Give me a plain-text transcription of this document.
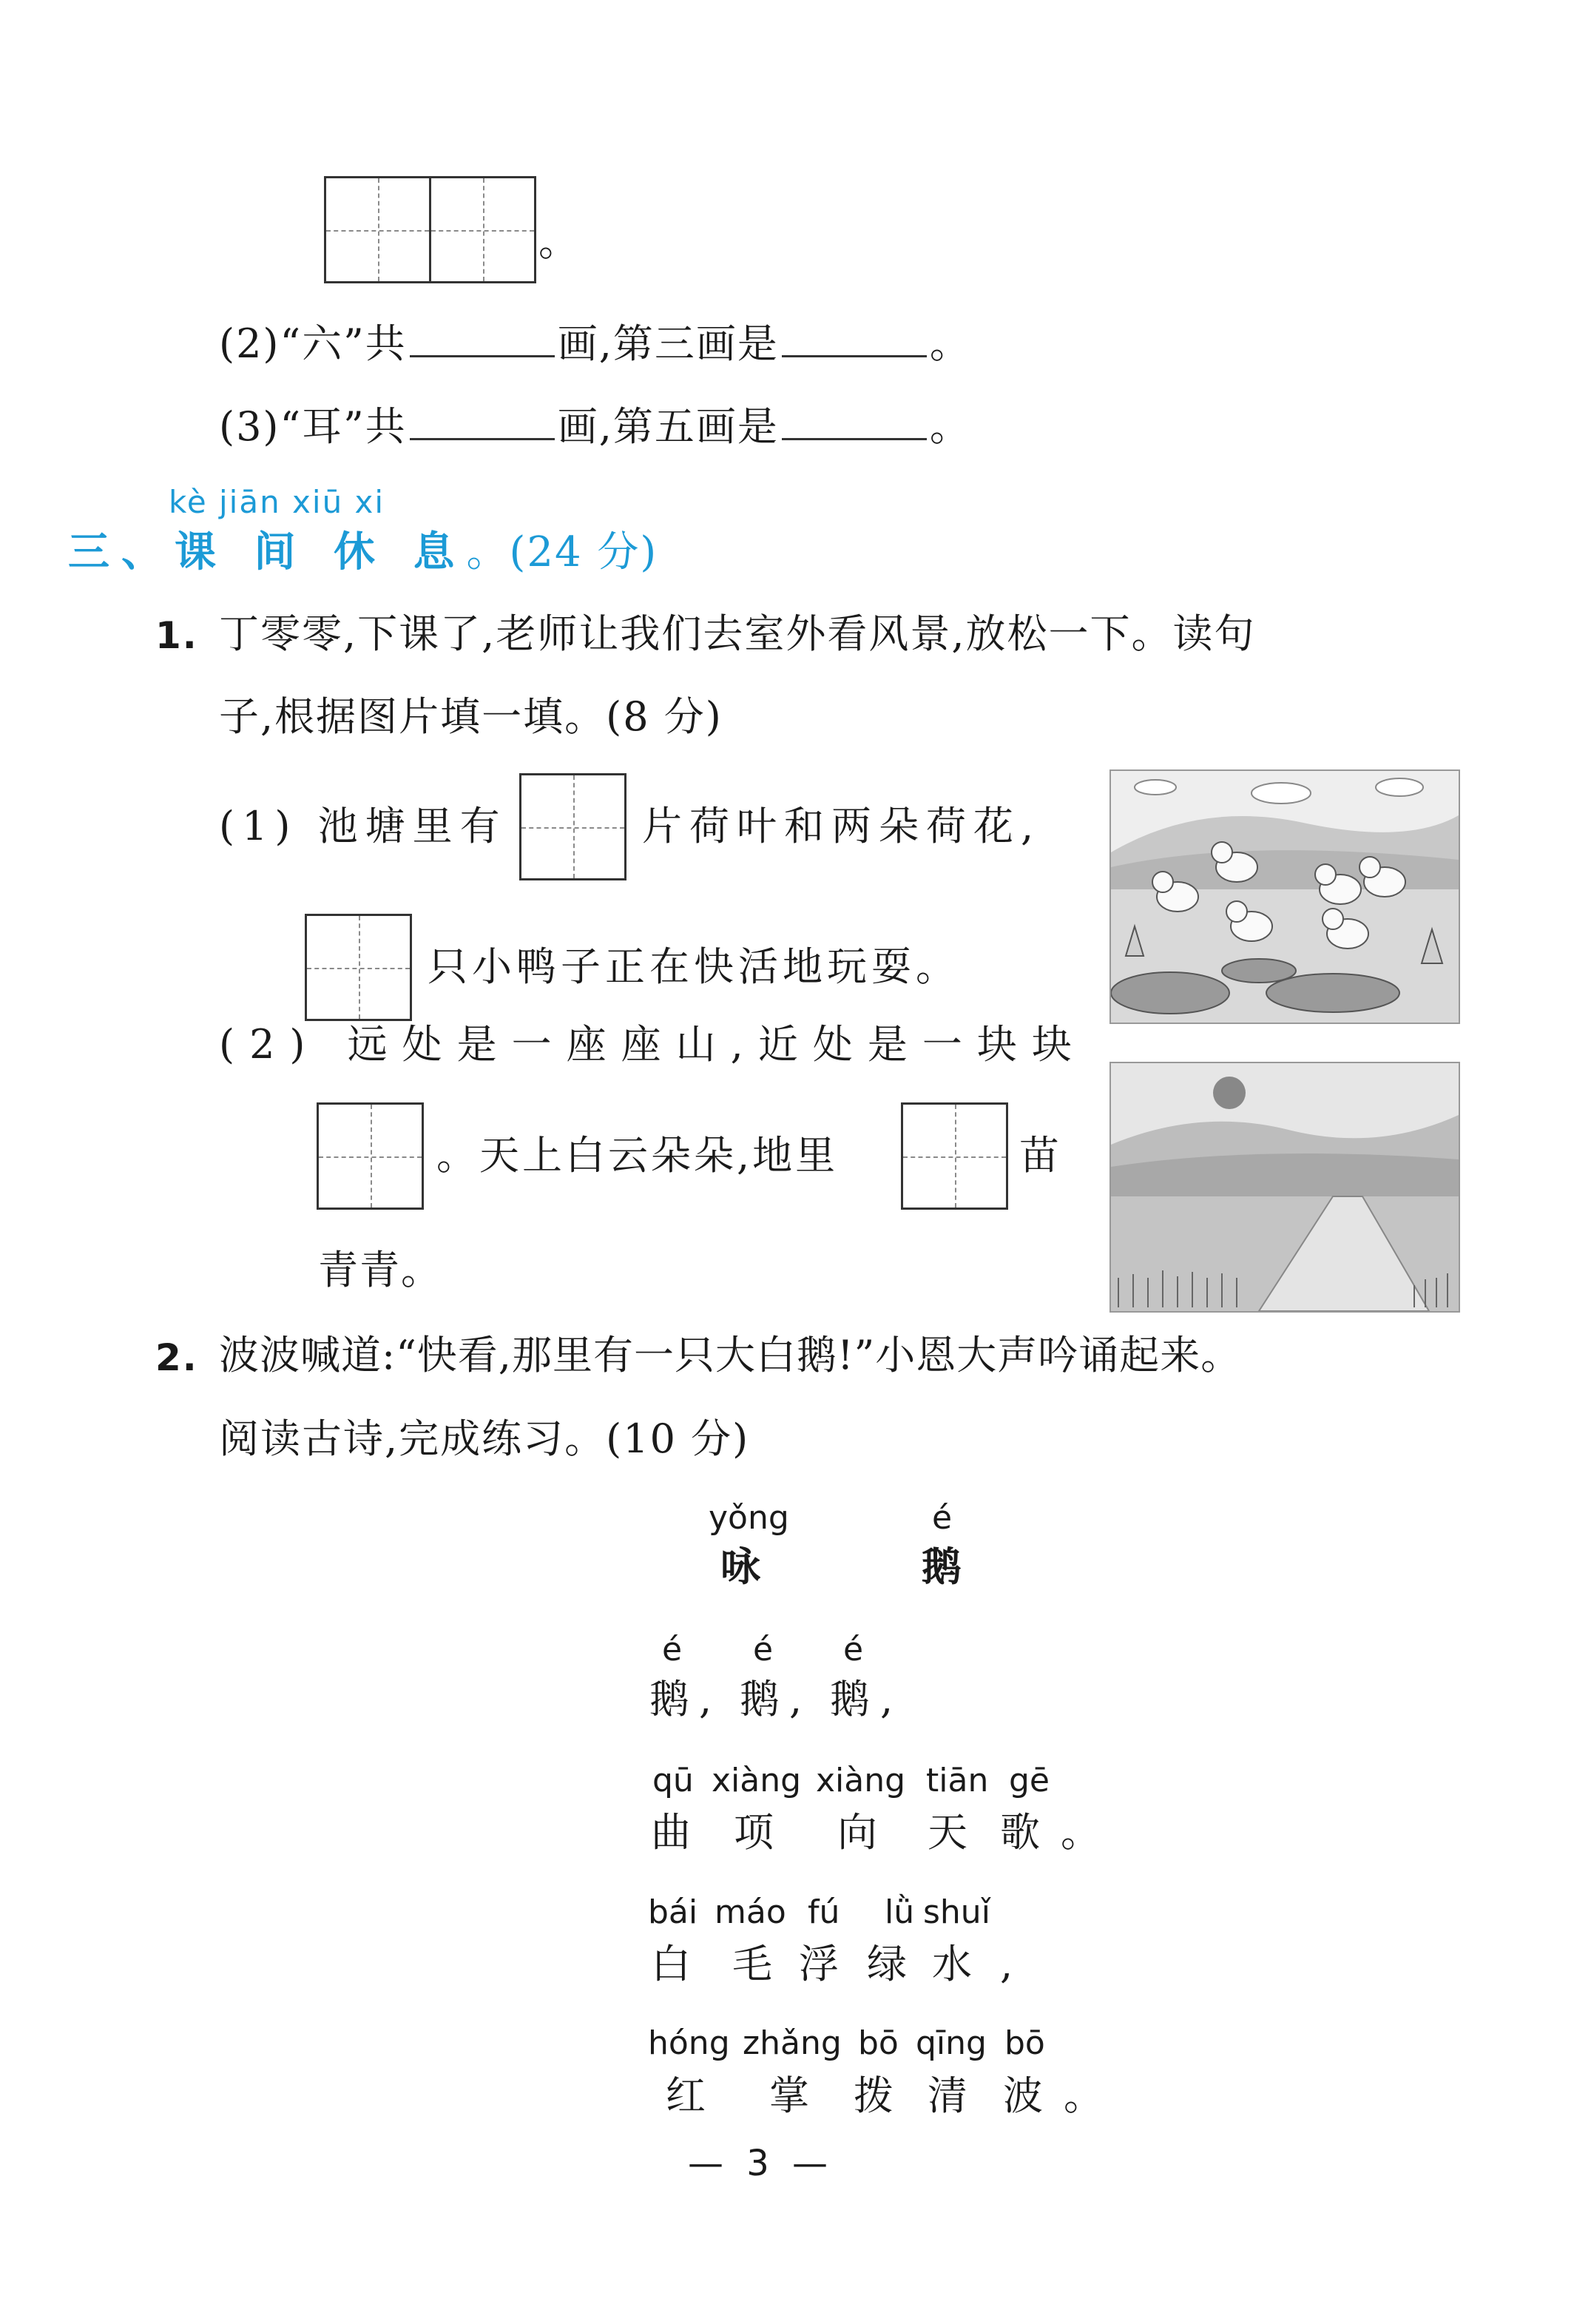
。
(2)“六”共	画,第三画是	。
(3)“耳”共	画,第五画是	。
kè jiān xiū xi
三、课 间 休 息。(24 分)
1. 丁零零,下课了,老师让我们去室外看风景,放松一下。读句
子,根据图片填一填。(8 分)
(1) 池塘里有	片荷叶和两朵荷花,
只小鸭子正在快活地玩耍。
(2) 远处是一座座山,近处是一块块
。天上白云朵朵,地里	苗
青青。
2. 波波喊道:“快看,那里有一只大白鹅!”小恩大声吟诵起来。
阅读古诗,完成练习。(10 分)
yǒng	é
咏	鹅
é é é
鹅 , 鹅 , 鹅 ,
qū xiàng xiàng tiān gē
曲 项 向 天 歌 。
bái máo fú lǜ shuǐ
白 毛 浮 绿 水 ,
hóng zhǎng bō qīng bō
红 掌 拨 清 波 。
— 3 —
